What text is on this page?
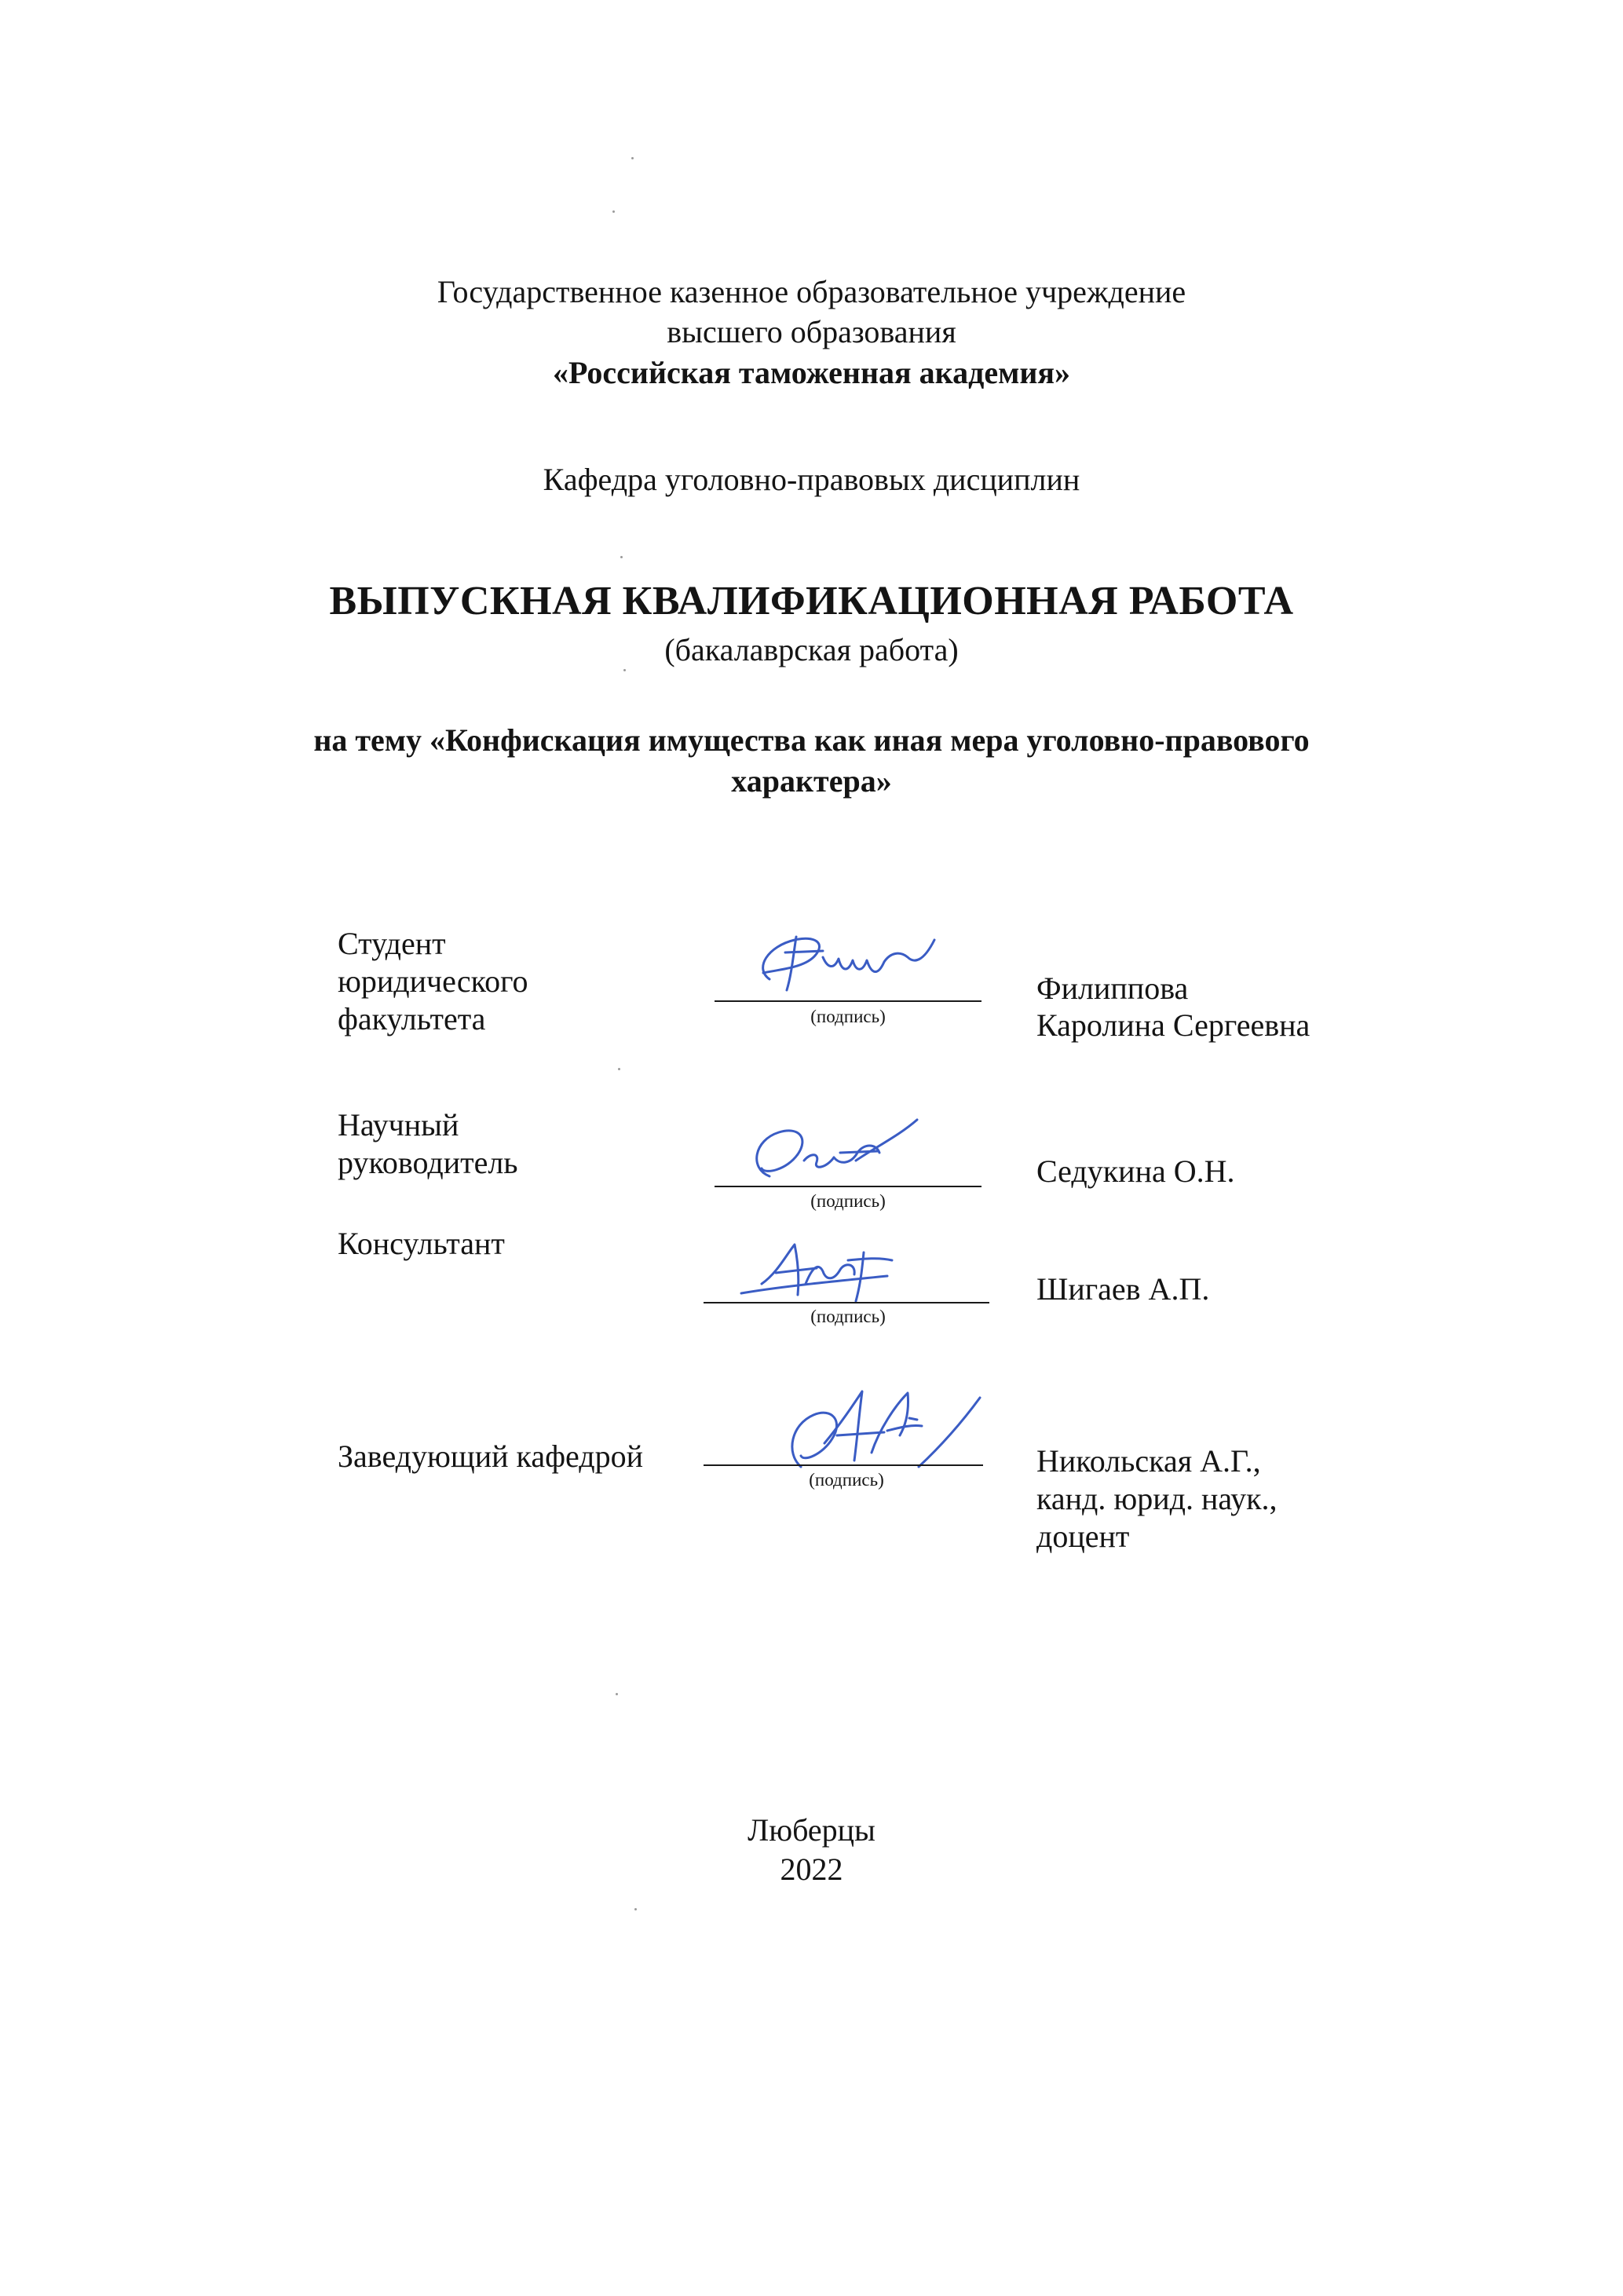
Государственное казенное образовательное учреждение
высшего образования
«Российская таможенная академия»
Кафедра уголовно-правовых дисциплин
ВЫПУСКНАЯ КВАЛИФИКАЦИОННАЯ РАБОТА
(бакалаврская работа)
на тему «Конфискация имущества как иная мера уголовно-правового
характера»
Студент
юридического
факультета	(подпись)
Филиппова
Каролина Сергеевна
Научный
руководитель
(подпись)
Седукина О.Н.
Консультант
(подпись)
Шигаев А.П.
Заведующий кафедрой
(подпись)
Никольская А.Г.,
канд. юрид. наук.,
доцент
Люберцы
2022
